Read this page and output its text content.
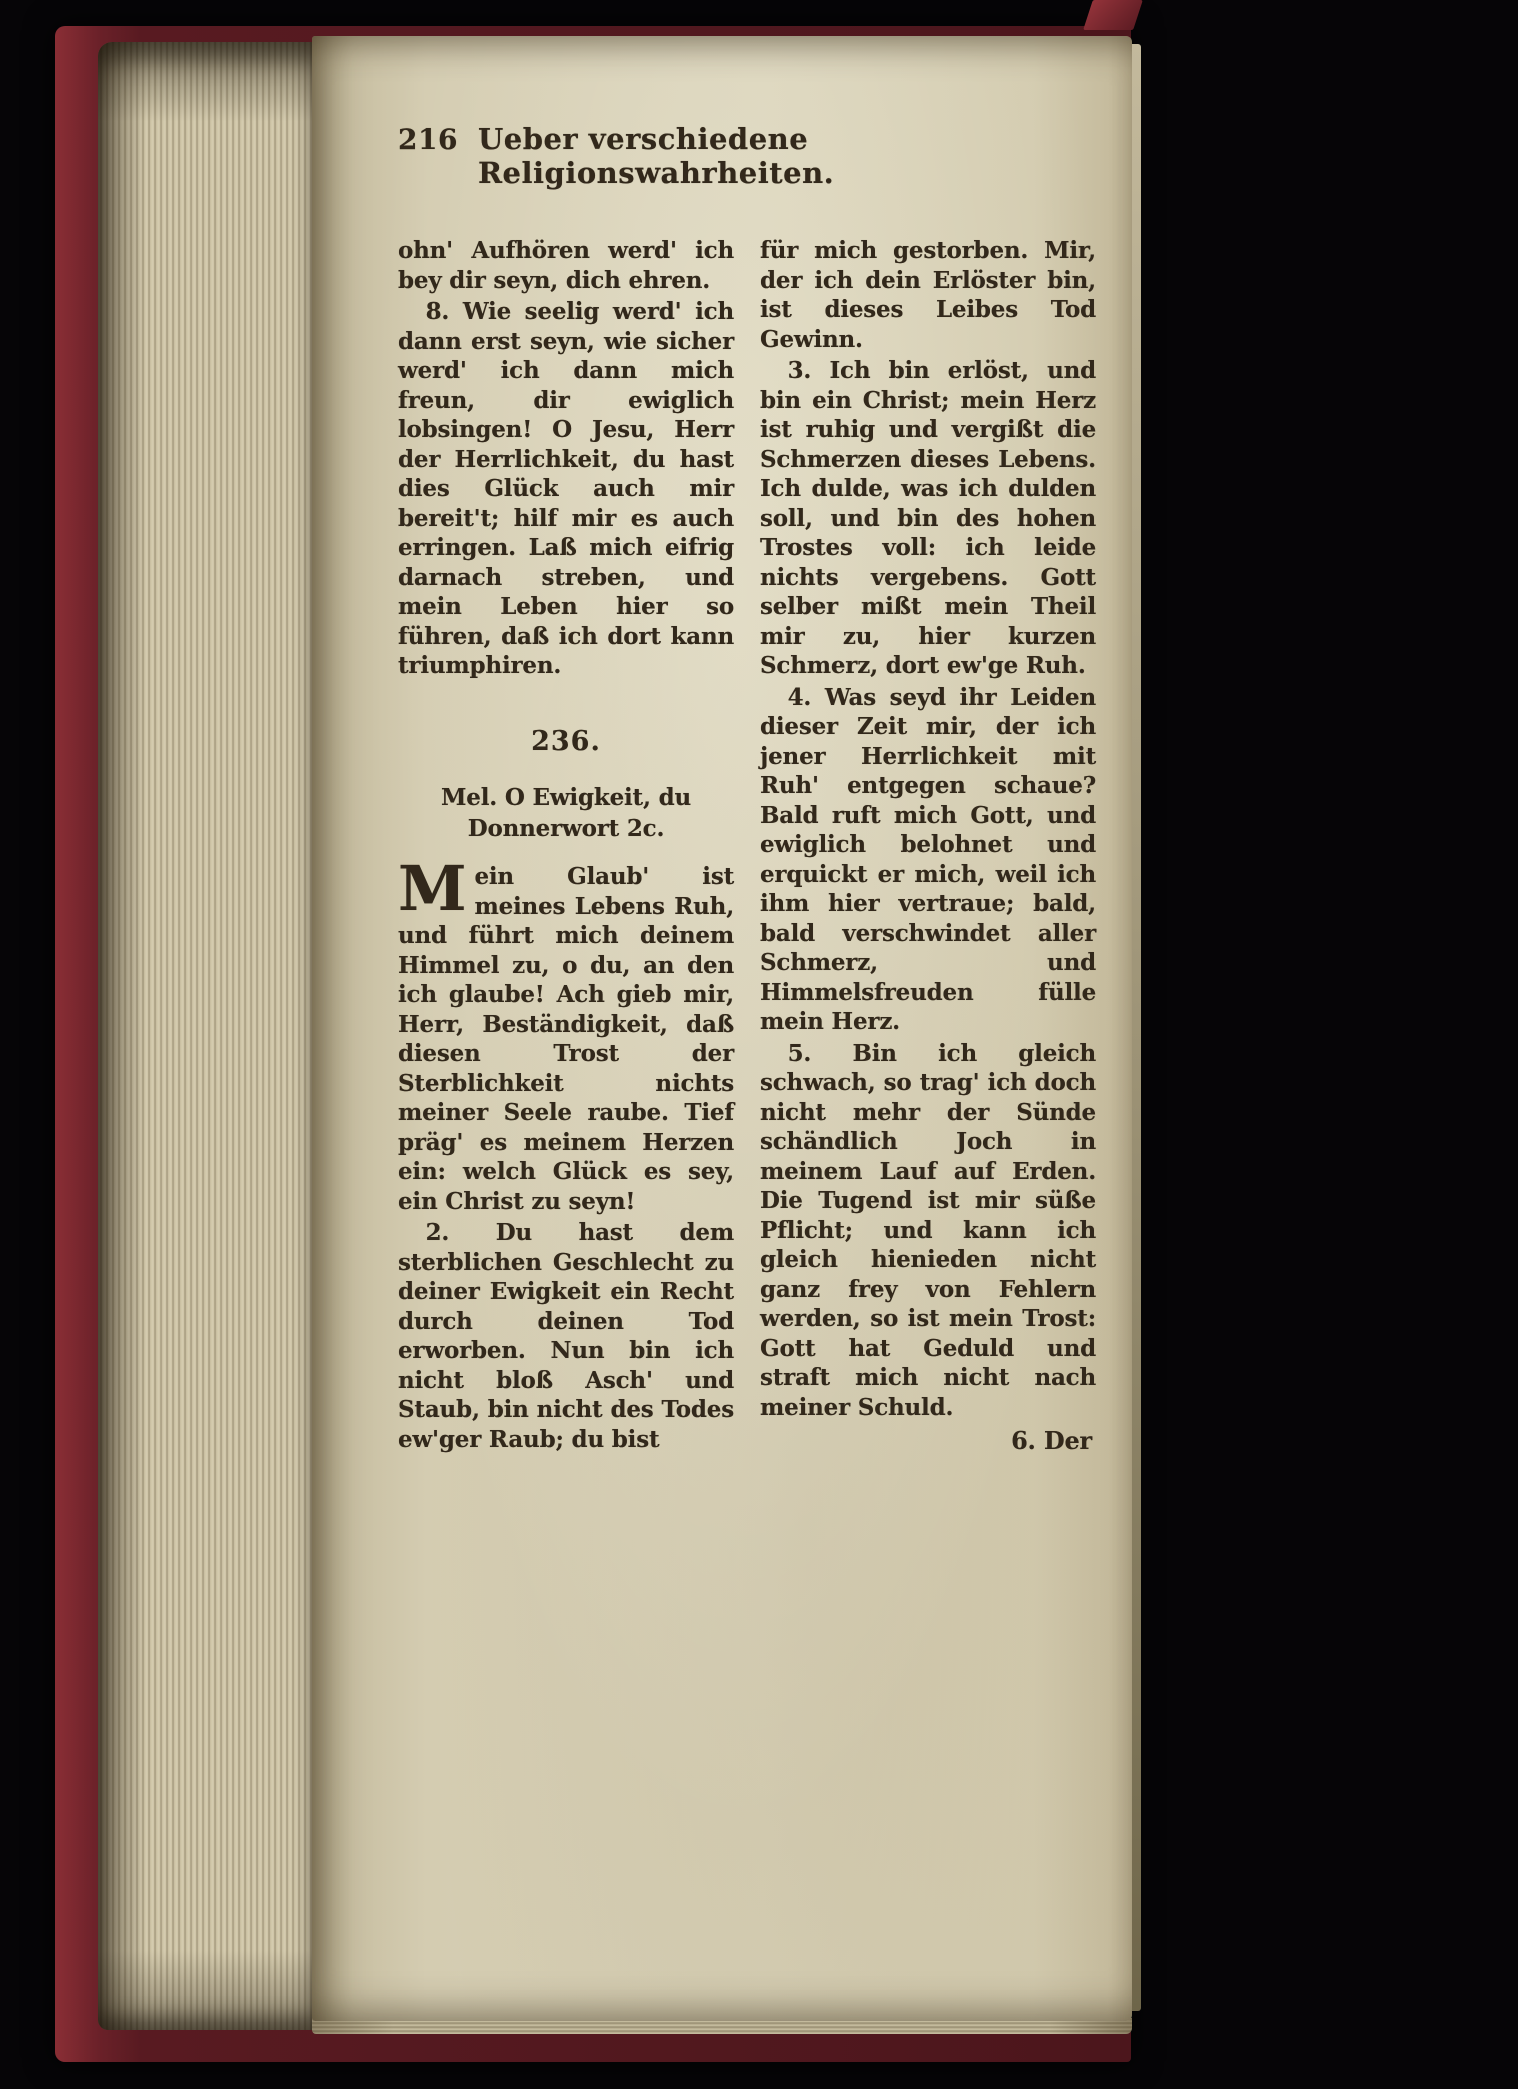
216 Ueber verschiedene Religionswahrheiten.

ohn' Aufhören werd' ich bey dir seyn, dich ehren.

8. Wie seelig werd' ich dann erst seyn, wie sicher werd' ich dann mich freun, dir ewiglich lobsingen! O Jesu, Herr der Herrlichkeit, du hast dies Glück auch mir bereit't; hilf mir es auch erringen. Laß mich eifrig darnach streben, und mein Leben hier so führen, daß ich dort kann triumphiren.

236.
Mel. O Ewigkeit, du
Donnerwort 2c.

Mein Glaub' ist meines Lebens Ruh, und führt mich deinem Himmel zu, o du, an den ich glaube! Ach gieb mir, Herr, Beständigkeit, daß diesen Trost der Sterblichkeit nichts meiner Seele raube. Tief präg' es meinem Herzen ein: welch Glück es sey, ein Christ zu seyn!

2. Du hast dem sterblichen Geschlecht zu deiner Ewigkeit ein Recht durch deinen Tod erworben. Nun bin ich nicht bloß Asch' und Staub, bin nicht des Todes ew'ger Raub; du bist

für mich gestorben. Mir, der ich dein Erlöster bin, ist dieses Leibes Tod Gewinn.

3. Ich bin erlöst, und bin ein Christ; mein Herz ist ruhig und vergißt die Schmerzen dieses Lebens. Ich dulde, was ich dulden soll, und bin des hohen Trostes voll: ich leide nichts vergebens. Gott selber mißt mein Theil mir zu, hier kurzen Schmerz, dort ew'ge Ruh.

4. Was seyd ihr Leiden dieser Zeit mir, der ich jener Herrlichkeit mit Ruh' entgegen schaue? Bald ruft mich Gott, und ewiglich belohnet und erquickt er mich, weil ich ihm hier vertraue; bald, bald verschwindet aller Schmerz, und Himmelsfreuden fülle mein Herz.

5. Bin ich gleich schwach, so trag' ich doch nicht mehr der Sünde schändlich Joch in meinem Lauf auf Erden. Die Tugend ist mir süße Pflicht; und kann ich gleich hienieden nicht ganz frey von Fehlern werden, so ist mein Trost: Gott hat Geduld und straft mich nicht nach meiner Schuld.

6. Der
